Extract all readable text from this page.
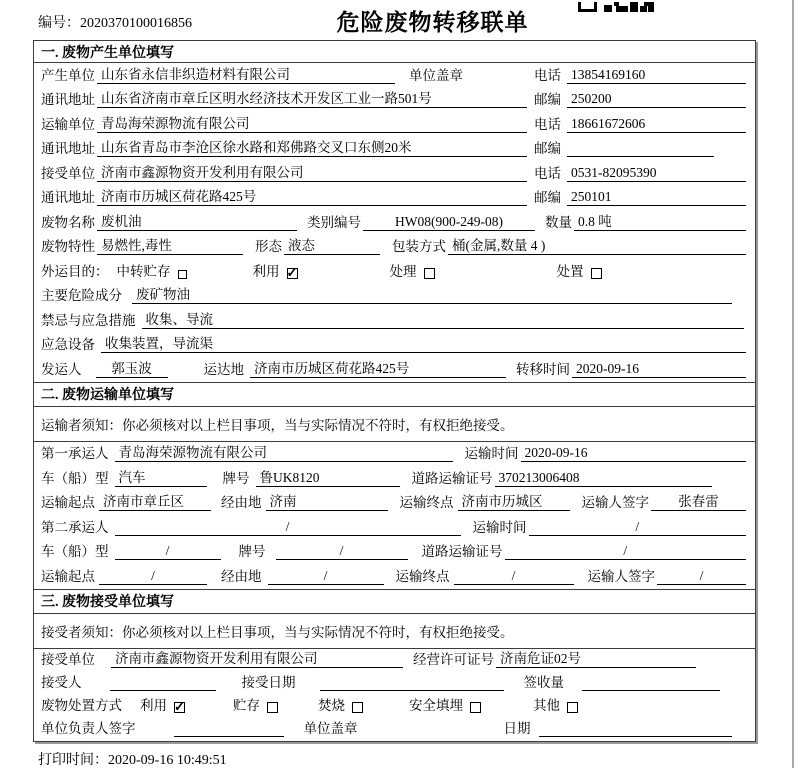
编号：2020370100016856	危险废物转移联单
一. 废物产生单位填写
产生单位 山东省永信非织造材料有限公司	单位盖章	电话 13854169160
通讯地址 山东省济南市章丘区明水经济技术开发区工业一路501号	邮编 250200
运输单位 青岛海荣源物流有限公司	电话 18661672606
通讯地址 山东省青岛市李沧区徐水路和郑佛路交叉口东侧20米	邮编
接受单位 济南市鑫源物资开发利用有限公司	电话 0531-82095390
通讯地址 济南市历城区荷花路425号	邮编 250101
废物名称 废机油	类别编号	HW08(900-249-08)	数量 0.8 吨
废物特性 易燃性,毒性	形态 液态	包装方式 桶(金属,数量 4 )
外运目的： 中转贮存	利用 ✓	处理	处置
主要危险成分 废矿物油
禁忌与应急措施 收集、导流
应急设备 收集装置，导流渠
发运人	郭玉波	运达地 济南市历城区荷花路425号	转移时间 2020-09-16
二. 废物运输单位填写
运输者须知：你必须核对以上栏目事项，当与实际情况不符时，有权拒绝接受。
第一承运人 青岛海荣源物流有限公司	运输时间 2020-09-16
车（船）型 汽车	牌号 鲁UK8120	道路运输证号 370213006408
运输起点 济南市章丘区	经由地 济南	运输终点 济南市历城区	运输人签字	张春雷
第二承运人	/	运输时间	/
车（船）型	/	牌号	/	道路运输证号	/
运输起点	/	经由地	/	运输终点	/	运输人签字	/
三. 废物接受单位填写
接受者须知：你必须核对以上栏目事项，当与实际情况不符时，有权拒绝接受。
接受单位 济南市鑫源物资开发利用有限公司	经营许可证号 济南危证02号
接受人	接受日期	签收量
废物处置方式 利用 ✓	贮存	焚烧	安全填埋	其他
单位负责人签字	单位盖章	日期
打印时间：2020-09-16 10:49:51
